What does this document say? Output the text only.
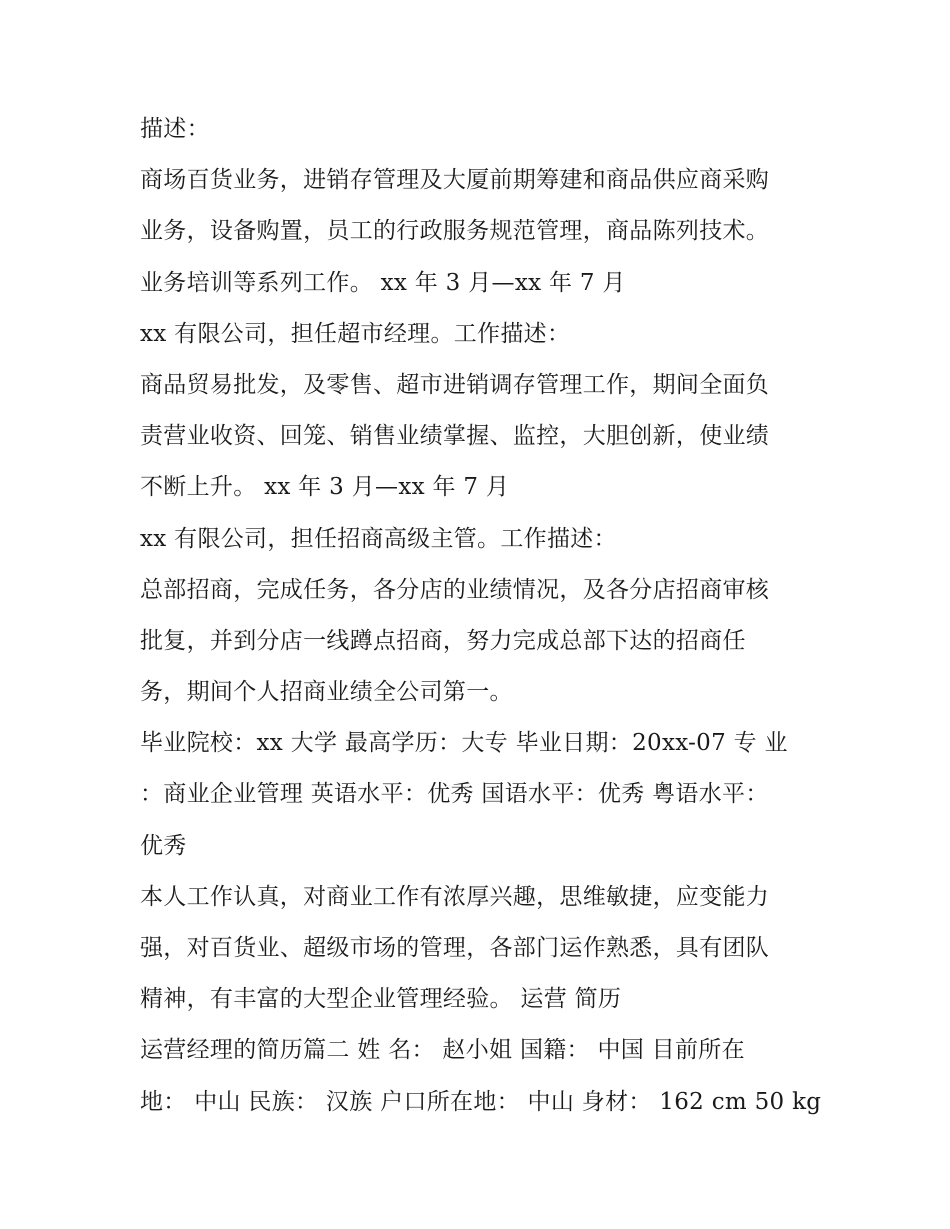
描述：
商场百货业务，进销存管理及大厦前期筹建和商品供应商采购
业务，设备购置，员工的行政服务规范管理，商品陈列技术。
业务培训等系列工作。 xx 年 3 月—xx 年 7 月
xx 有限公司，担任超市经理。工作描述：
商品贸易批发，及零售、超市进销调存管理工作，期间全面负
责营业收资、回笼、销售业绩掌握、监控，大胆创新，使业绩
不断上升。 xx 年 3 月—xx 年 7 月
xx 有限公司，担任招商高级主管。工作描述：
总部招商，完成任务，各分店的业绩情况，及各分店招商审核
批复，并到分店一线蹲点招商，努力完成总部下达的招商任
务，期间个人招商业绩全公司第一。
毕业院校：xx 大学 最高学历：大专 毕业日期：20xx-07 专 业
：商业企业管理 英语水平：优秀 国语水平：优秀 粤语水平：
优秀
本人工作认真，对商业工作有浓厚兴趣，思维敏捷，应变能力
强，对百货业、超级市场的管理，各部门运作熟悉，具有团队
精神，有丰富的大型企业管理经验。 运营 简历
运营经理的简历篇二 姓 名： 赵小姐 国籍： 中国 目前所在
地： 中山 民族： 汉族 户口所在地： 中山 身材： 162 cm 50 kg
